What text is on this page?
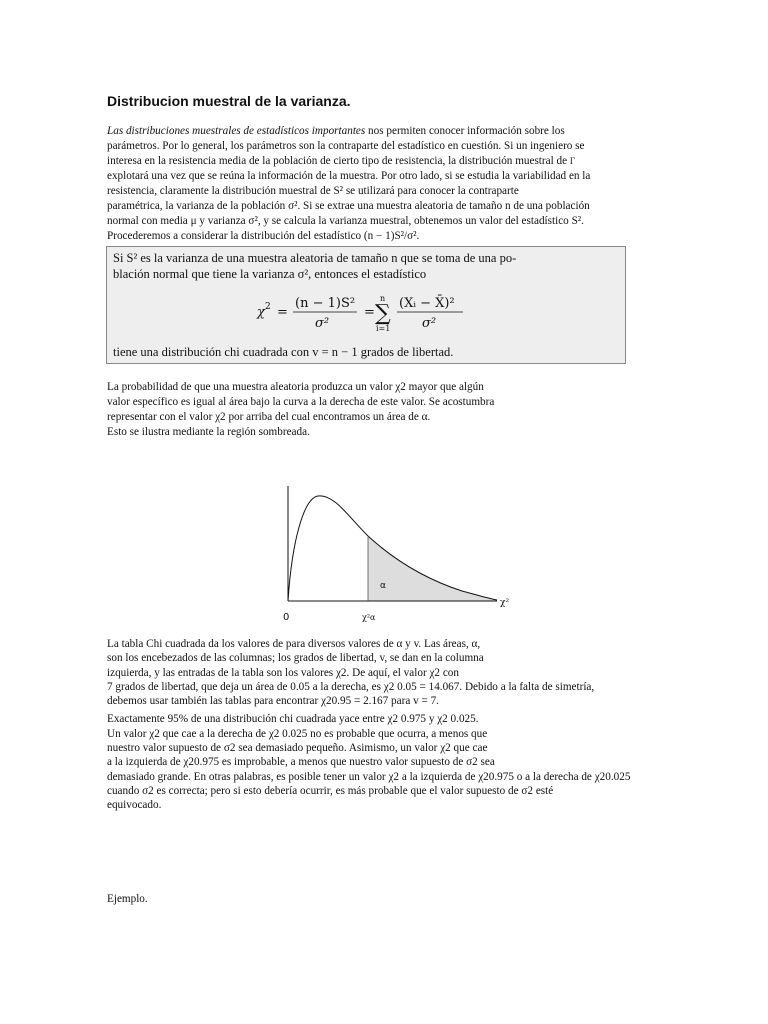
Distribucion muestral de la varianza.
Las distribuciones muestrales de estadísticos importantes nos permiten conocer información sobre los
parámetros. Por lo general, los parámetros son la contraparte del estadístico en cuestión. Si un ingeniero se
interesa en la resistencia media de la población de cierto tipo de resistencia, la distribución muestral de Γ
explotará una vez que se reúna la información de la muestra. Por otro lado, si se estudia la variabilidad en la
resistencia, claramente la distribución muestral de S² se utilizará para conocer la contraparte
paramétrica, la varianza de la población σ². Si se extrae una muestra aleatoria de tamaño n de una población
normal con media μ y varianza σ², y se calcula la varianza muestral, obtenemos un valor del estadístico S².
Procederemos a considerar la distribución del estadístico (n − 1)S²/σ².
Si S² es la varianza de una muestra aleatoria de tamaño n que se toma de una po-
blación normal que tiene la varianza σ², entonces el estadístico
χ 2 =
(n − 1)S²
σ²
=
n
∑
i=1
(Xᵢ − X̄)²
σ²
tiene una distribución chi cuadrada con v = n − 1 grados de libertad.
La probabilidad de que una muestra aleatoria produzca un valor χ2 mayor que algún
valor específico es igual al área bajo la curva a la derecha de este valor. Se acostumbra
representar con el valor χ2 por arriba del cual encontramos un área de α.
Esto se ilustra mediante la región sombreada.
α
0	χ²α
χ²
La tabla Chi cuadrada da los valores de para diversos valores de α y v. Las áreas, α,
son los encebezados de las columnas; los grados de libertad, v, se dan en la columna
izquierda, y las entradas de la tabla son los valores χ2. De aquí, el valor χ2 con
7 grados de libertad, que deja un área de 0.05 a la derecha, es χ2 0.05 = 14.067. Debido a la falta de simetría,
debemos usar también las tablas para encontrar χ20.95 = 2.167 para v = 7.
Exactamente 95% de una distribución chi cuadrada yace entre χ2 0.975 y χ2 0.025.
Un valor χ2 que cae a la derecha de χ2 0.025 no es probable que ocurra, a menos que
nuestro valor supuesto de σ2 sea demasiado pequeño. Asimismo, un valor χ2 que cae
a la izquierda de χ20.975 es improbable, a menos que nuestro valor supuesto de σ2 sea
demasiado grande. En otras palabras, es posible tener un valor χ2 a la izquierda de χ20.975 o a la derecha de χ20.025
cuando σ2 es correcta; pero si esto debería ocurrir, es más probable que el valor supuesto de σ2 esté
equivocado.
Ejemplo.
